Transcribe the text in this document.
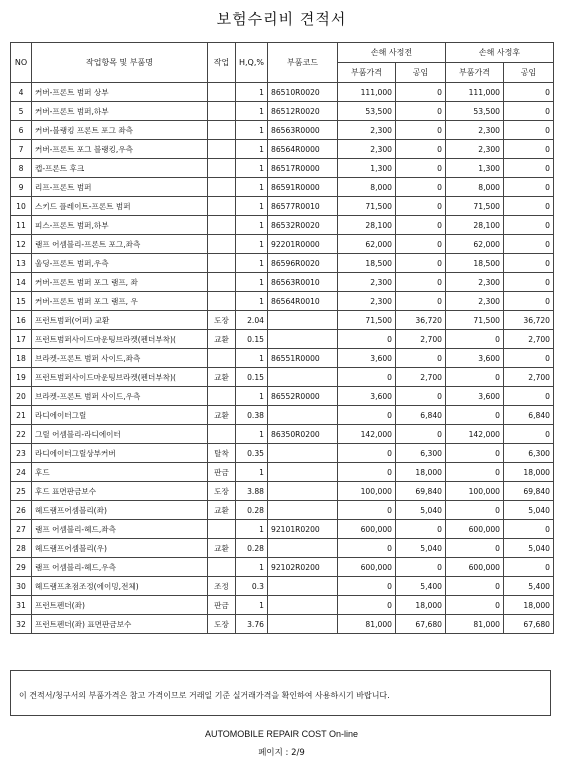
보험수리비 견적서
NO	작업항목 및 부품명	작업	H,Q,%	부품코드	손해 사정전		손해 사정후	
					부품가격	공임	부품가격	공임
4	커버-프론트 범퍼 상부		1	86510R0020	111,000	0	111,000	0
5	커버-프론트 범퍼,하부		1	86512R0020	53,500	0	53,500	0
6	커버-블랭킹 프론트 포그 좌측		1	86563R0000	2,300	0	2,300	0
7	커버-프론트 포그 블랭킹,우측		1	86564R0000	2,300	0	2,300	0
8	캡-프론트 후크		1	86517R0000	1,300	0	1,300	0
9	리프-프론트 범퍼		1	86591R0000	8,000	0	8,000	0
10	스키드 플레이트-프론트 범퍼		1	86577R0010	71,500	0	71,500	0
11	피스-프론트 범퍼,하부		1	86532R0020	28,100	0	28,100	0
12	램프 어셈블리-프론트 포그,좌측		1	92201R0000	62,000	0	62,000	0
13	울딩-프론트 범퍼,우측		1	86596R0020	18,500	0	18,500	0
14	커버-프론트 범퍼 포그 램프, 좌		1	86563R0010	2,300	0	2,300	0
15	커버-프론트 범퍼 포그 램프, 우		1	86564R0010	2,300	0	2,300	0
16	프런트범퍼(어퍼) 교환	도장	2.04		71,500	36,720	71,500	36,720
17	프런트범퍼사이드마운팅브라켓(펜더부착)(	교환	0.15		0	2,700	0	2,700
18	브라켓-프론트 범퍼 사이드,좌측		1	86551R0000	3,600	0	3,600	0
19	프런트범퍼사이드마운팅브라켓(펜더부착)(	교환	0.15		0	2,700	0	2,700
20	브라켓-프론트 범퍼 사이드,우측		1	86552R0000	3,600	0	3,600	0
21	라디에이터그릴	교환	0.38		0	6,840	0	6,840
22	그릴 어셈블리-라디에이터		1	86350R0200	142,000	0	142,000	0
23	라디에이터그릴상부커버	탈착	0.35		0	6,300	0	6,300
24	후드	판금	1		0	18,000	0	18,000
25	후드 표면판금보수	도장	3.88		100,000	69,840	100,000	69,840
26	헤드램프어셈블리(좌)	교환	0.28		0	5,040	0	5,040
27	램프 어셈블리-헤드,좌측		1	92101R0200	600,000	0	600,000	0
28	헤드램프어셈블리(우)	교환	0.28		0	5,040	0	5,040
29	램프 어셈블리-헤드,우측		1	92102R0200	600,000	0	600,000	0
30	헤드램프초점조정(에이밍,전체)	조정	0.3		0	5,400	0	5,400
31	프런트펜더(좌)	판금	1		0	18,000	0	18,000
32	프런트펜더(좌) 표면판금보수	도장	3.76		81,000	67,680	81,000	67,680
이 견적서/청구서의 부품가격은 참고 가격이므로 거래일 기준 실거래가격을 확인하여 사용하시기 바랍니다.
AUTOMOBILE REPAIR COST On-line
페이지 : 2/9
